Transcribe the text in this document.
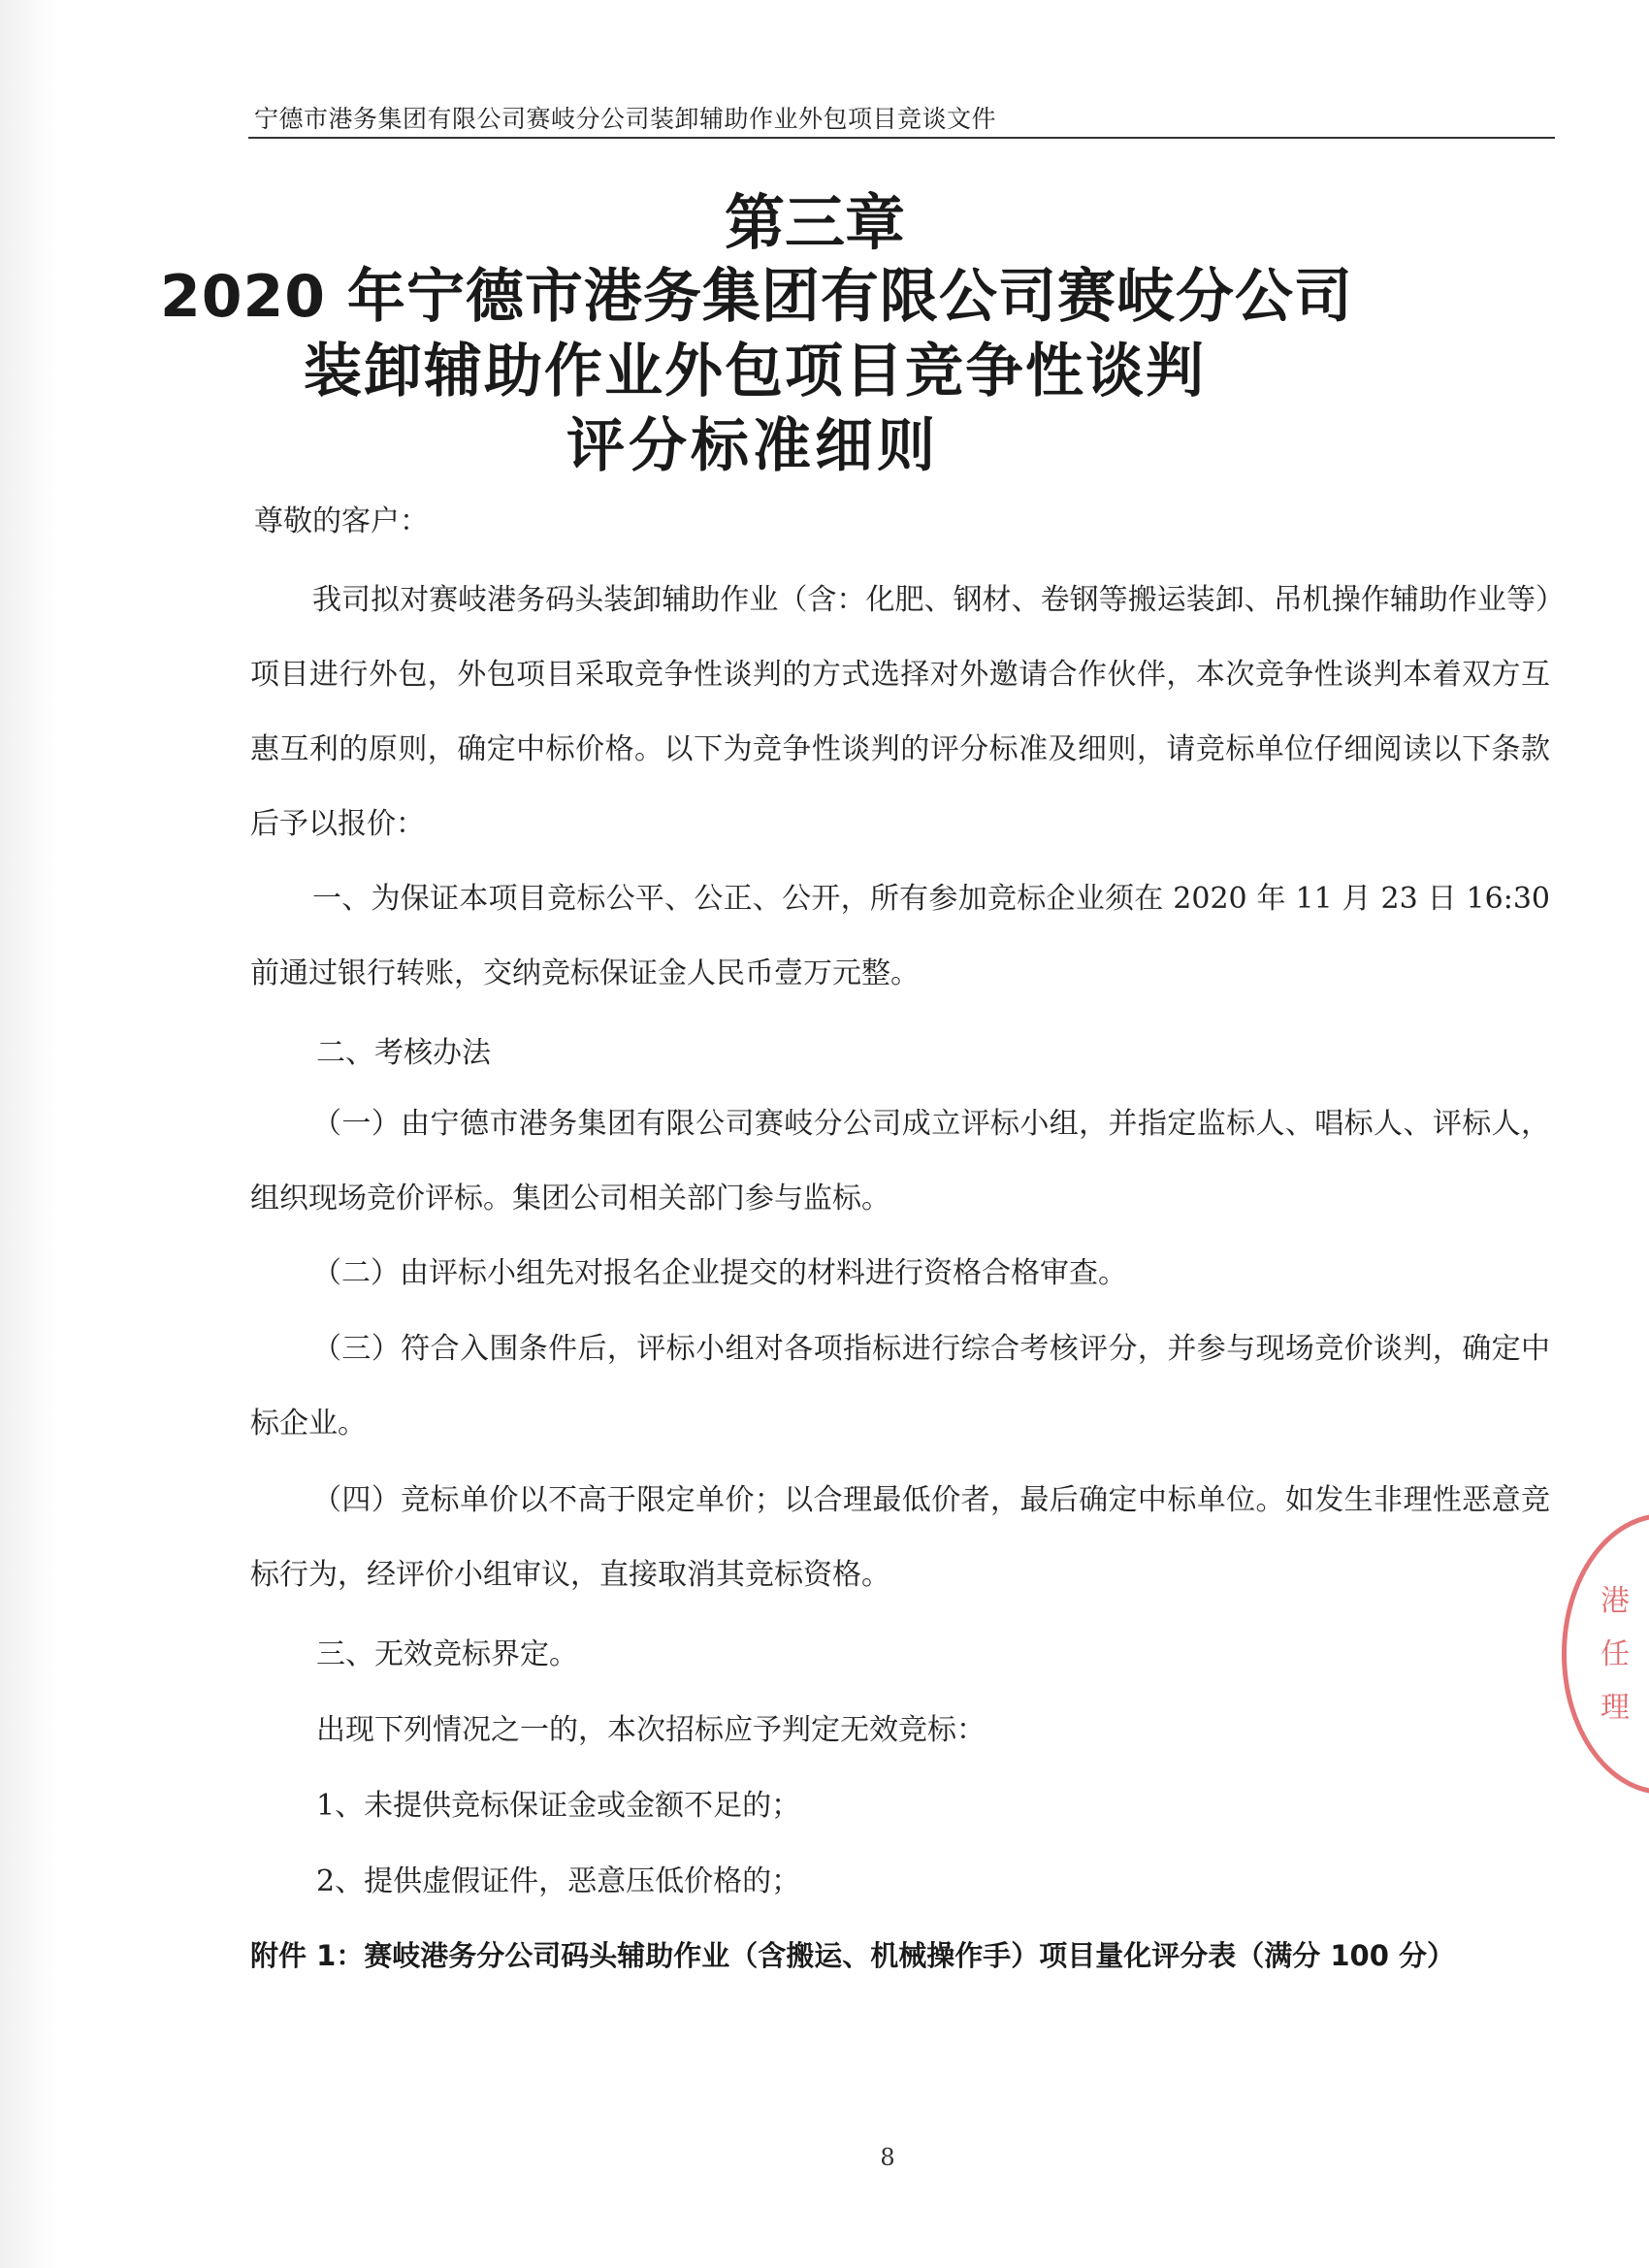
宁德市港务集团有限公司赛岐分公司装卸辅助作业外包项目竞谈文件
第三章
2020 年宁德市港务集团有限公司赛岐分公司
装卸辅助作业外包项目竞争性谈判
评分标准细则
尊敬的客户：
我司拟对赛岐港务码头装卸辅助作业（含：化肥、钢材、卷钢等搬运装卸、吊机操作辅助作业等）项目进行外包，外包项目采取竞争性谈判的方式选择对外邀请合作伙伴，本次竞争性谈判本着双方互惠互利的原则，确定中标价格。以下为竞争性谈判的评分标准及细则，请竞标单位仔细阅读以下条款后予以报价：
一、为保证本项目竞标公平、公正、公开，所有参加竞标企业须在 2020 年 11 月 23 日 16:30 前通过银行转账，交纳竞标保证金人民币壹万元整。
二、考核办法
（一）由宁德市港务集团有限公司赛岐分公司成立评标小组，并指定监标人、唱标人、评标人，组织现场竞价评标。集团公司相关部门参与监标。
（二）由评标小组先对报名企业提交的材料进行资格合格审查。
（三）符合入围条件后，评标小组对各项指标进行综合考核评分，并参与现场竞价谈判，确定中标企业。
（四）竞标单价以不高于限定单价；以合理最低价者，最后确定中标单位。如发生非理性恶意竞标行为，经评价小组审议，直接取消其竞标资格。
三、无效竞标界定。
出现下列情况之一的，本次招标应予判定无效竞标：
1、未提供竞标保证金或金额不足的；
2、提供虚假证件，恶意压低价格的；
附件 1：赛岐港务分公司码头辅助作业（含搬运、机械操作手）项目量化评分表（满分 100 分）
8
港
任
理
